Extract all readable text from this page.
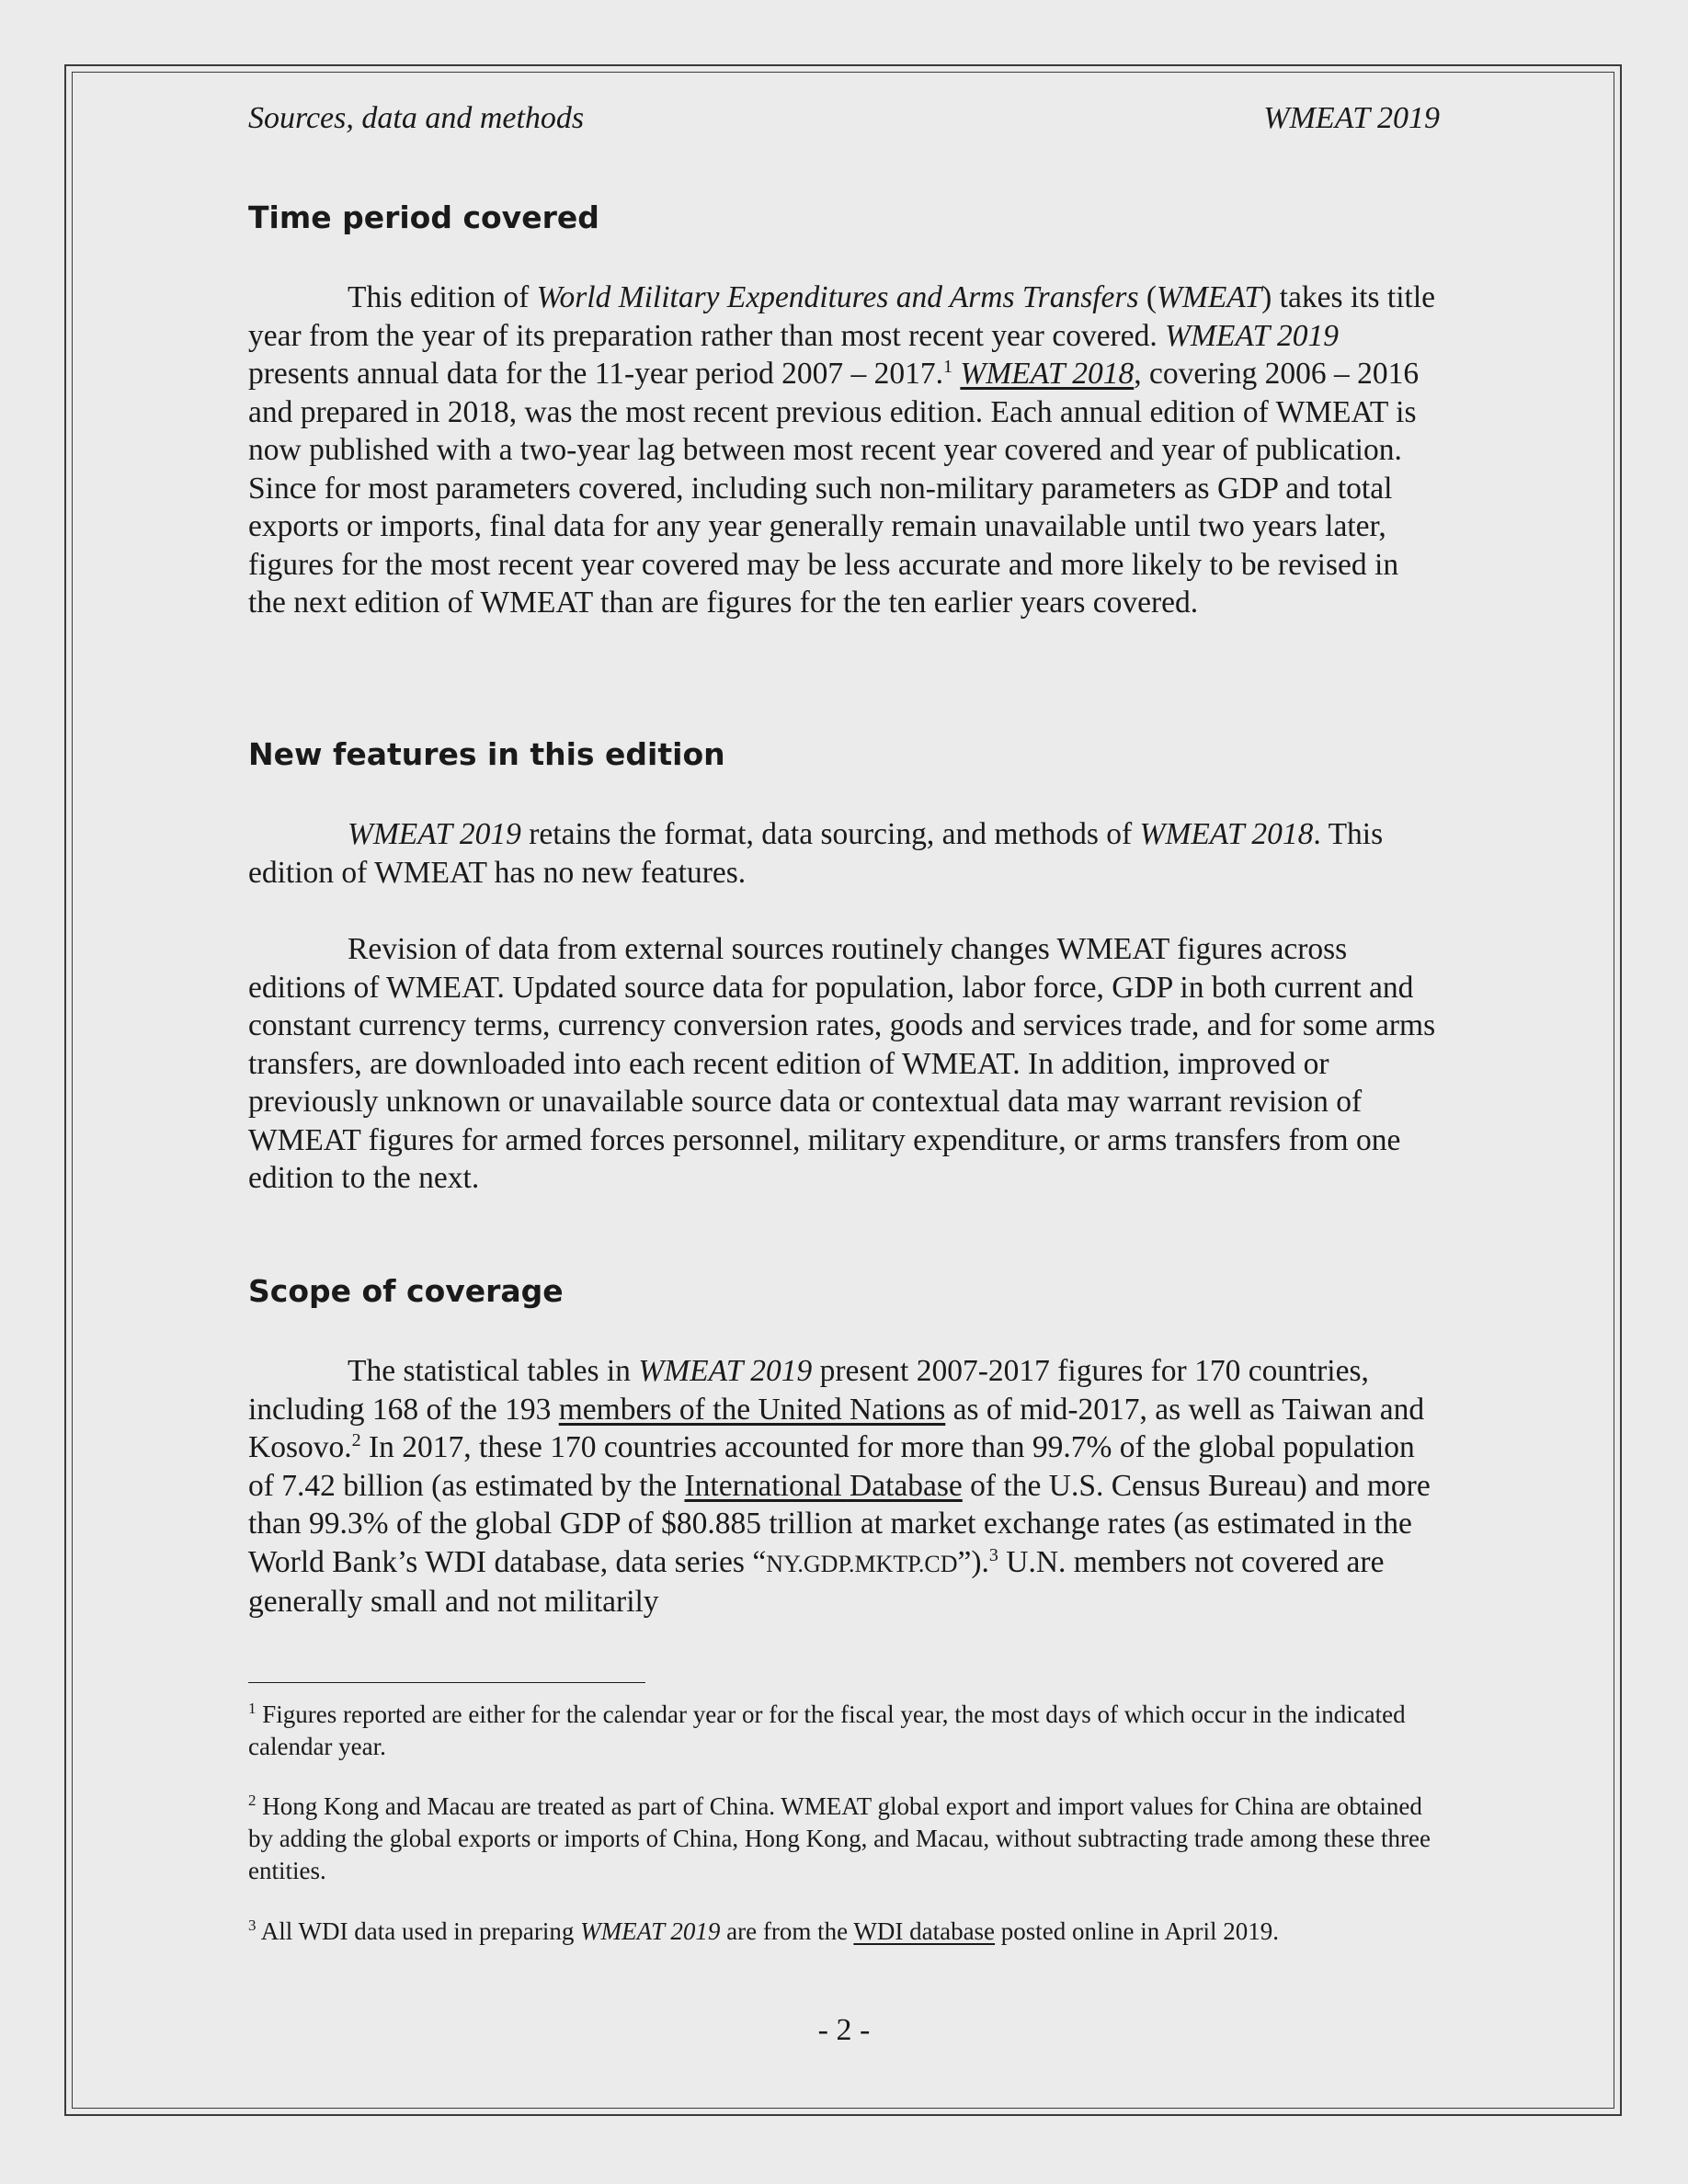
Sources, data and methods	WMEAT 2019
Time period covered

This edition of World Military Expenditures and Arms Transfers (WMEAT) takes its title year from the year of its preparation rather than most recent year covered. WMEAT 2019 presents annual data for the 11-year period 2007 – 2017.$^1$ WMEAT 2018, covering 2006 – 2016 and prepared in 2018, was the most recent previous edition. Each annual edition of WMEAT is now published with a two-year lag between most recent year covered and year of publication. Since for most parameters covered, including such non-military parameters as GDP and total exports or imports, final data for any year generally remain unavailable until two years later, figures for the most recent year covered may be less accurate and more likely to be revised in the next edition of WMEAT than are figures for the ten earlier years covered.

New features in this edition

WMEAT 2019 retains the format, data sourcing, and methods of WMEAT 2018. This edition of WMEAT has no new features.

Revision of data from external sources routinely changes WMEAT figures across editions of WMEAT. Updated source data for population, labor force, GDP in both current and constant currency terms, currency conversion rates, goods and services trade, and for some arms transfers, are downloaded into each recent edition of WMEAT. In addition, improved or previously unknown or unavailable source data or contextual data may warrant revision of WMEAT figures for armed forces personnel, military expenditure, or arms transfers from one edition to the next.

Scope of coverage

The statistical tables in WMEAT 2019 present 2007-2017 figures for 170 countries, including 168 of the 193 members of the United Nations as of mid-2017, as well as Taiwan and Kosovo.$^2$ In 2017, these 170 countries accounted for more than 99.7% of the global population of 7.42 billion (as estimated by the International Database of the U.S. Census Bureau) and more than 99.3% of the global GDP of $80.885 trillion at market exchange rates (as estimated in the World Bank’s WDI database, data series “NY.GDP.MKTP.CD”).$^3$ U.N. members not covered are generally small and not militarily

$^1$ Figures reported are either for the calendar year or for the fiscal year, the most days of which occur in the indicated calendar year.

$^2$ Hong Kong and Macau are treated as part of China. WMEAT global export and import values for China are obtained by adding the global exports or imports of China, Hong Kong, and Macau, without subtracting trade among these three entities.

$^3$ All WDI data used in preparing WMEAT 2019 are from the WDI database posted online in April 2019.

- 2 -
